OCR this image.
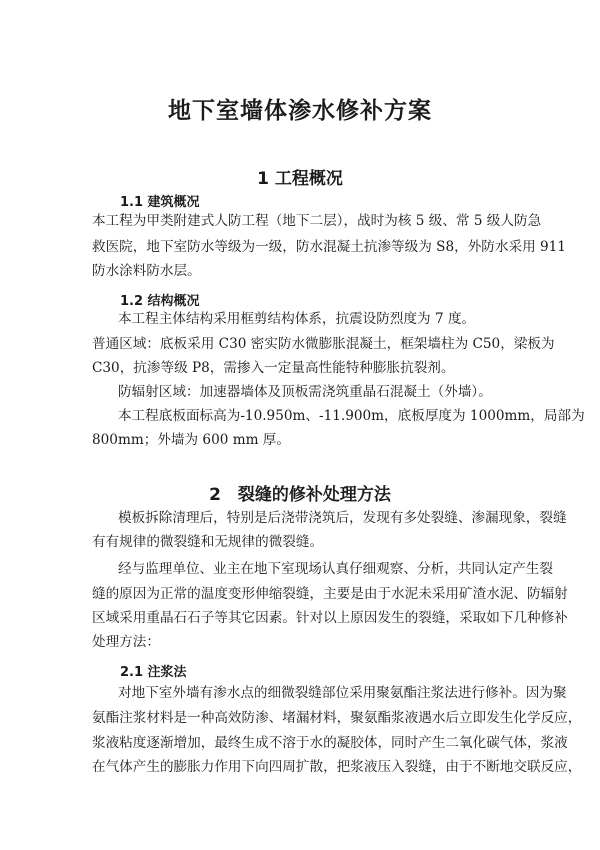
地下室墙体渗水修补方案
1 工程概况
1.1 建筑概况
本工程为甲类附建式人防工程（地下二层），战时为核 5 级、常 5 级人防急
救医院，地下室防水等级为一级，防水混凝土抗渗等级为 S8，外防水采用 911
防水涂料防水层。
1.2 结构概况
本工程主体结构采用框剪结构体系，抗震设防烈度为 7 度。
普通区域：底板采用 C30 密实防水微膨胀混凝土，框架墙柱为 C50，梁板为
C30，抗渗等级 P8，需掺入一定量高性能特种膨胀抗裂剂。
防辐射区域：加速器墙体及顶板需浇筑重晶石混凝土（外墙）。
本工程底板面标高为-10.950m、-11.900m，底板厚度为 1000mm，局部为
800mm；外墙为 600 mm 厚。
2　裂缝的修补处理方法
模板拆除清理后，特别是后浇带浇筑后，发现有多处裂缝、渗漏现象，裂缝
有有规律的微裂缝和无规律的微裂缝。
经与监理单位、业主在地下室现场认真仔细观察、分析，共同认定产生裂
缝的原因为正常的温度变形伸缩裂缝，主要是由于水泥未采用矿渣水泥、防辐射
区域采用重晶石石子等其它因素。针对以上原因发生的裂缝，采取如下几种修补
处理方法：
2.1 注浆法
对地下室外墙有渗水点的细微裂缝部位采用聚氨酯注浆法进行修补。因为聚
氨酯注浆材料是一种高效防渗、堵漏材料，聚氨酯浆液遇水后立即发生化学反应，
浆液粘度逐渐增加，最终生成不溶于水的凝胶体，同时产生二氧化碳气体，浆液
在气体产生的膨胀力作用下向四周扩散，把浆液压入裂缝，由于不断地交联反应，
